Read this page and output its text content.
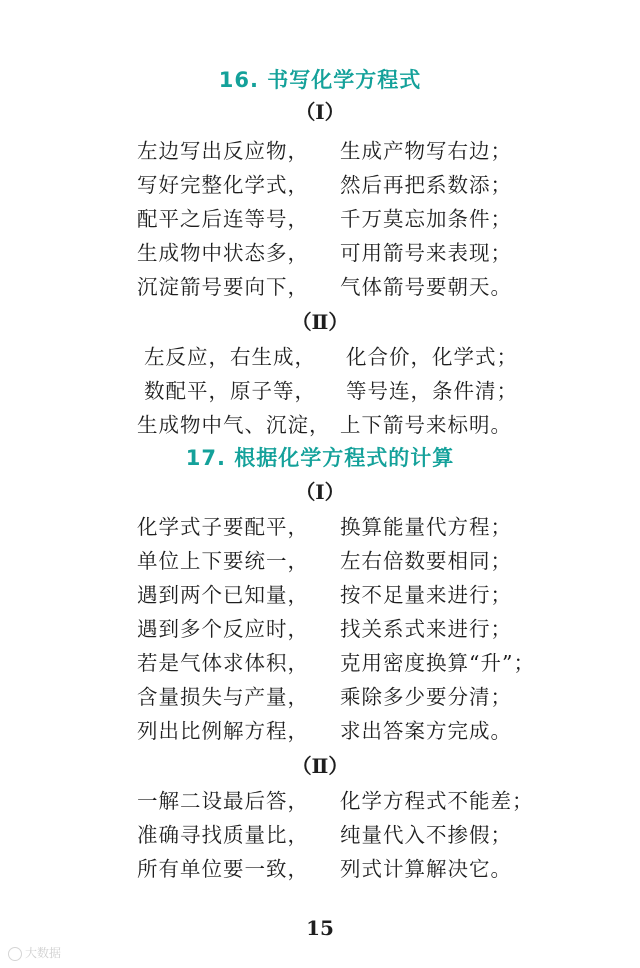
16. 书写化学方程式
（Ⅰ）
左边写出反应物， 生成产物写右边；
写好完整化学式， 然后再把系数添；
配平之后连等号， 千万莫忘加条件；
生成物中状态多， 可用箭号来表现；
沉淀箭号要向下， 气体箭号要朝天。
（Ⅱ）
左反应，右生成， 化合价，化学式；
数配平，原子等， 等号连，条件清；
生成物中气、沉淀， 上下箭号来标明。
17. 根据化学方程式的计算
（Ⅰ）
化学式子要配平， 换算能量代方程；
单位上下要统一， 左右倍数要相同；
遇到两个已知量， 按不足量来进行；
遇到多个反应时， 找关系式来进行；
若是气体求体积， 克用密度换算“升”；
含量损失与产量， 乘除多少要分清；
列出比例解方程， 求出答案方完成。
（Ⅱ）
一解二设最后答， 化学方程式不能差；
准确寻找质量比， 纯量代入不掺假；
所有单位要一致， 列式计算解决它。
15
大数据
